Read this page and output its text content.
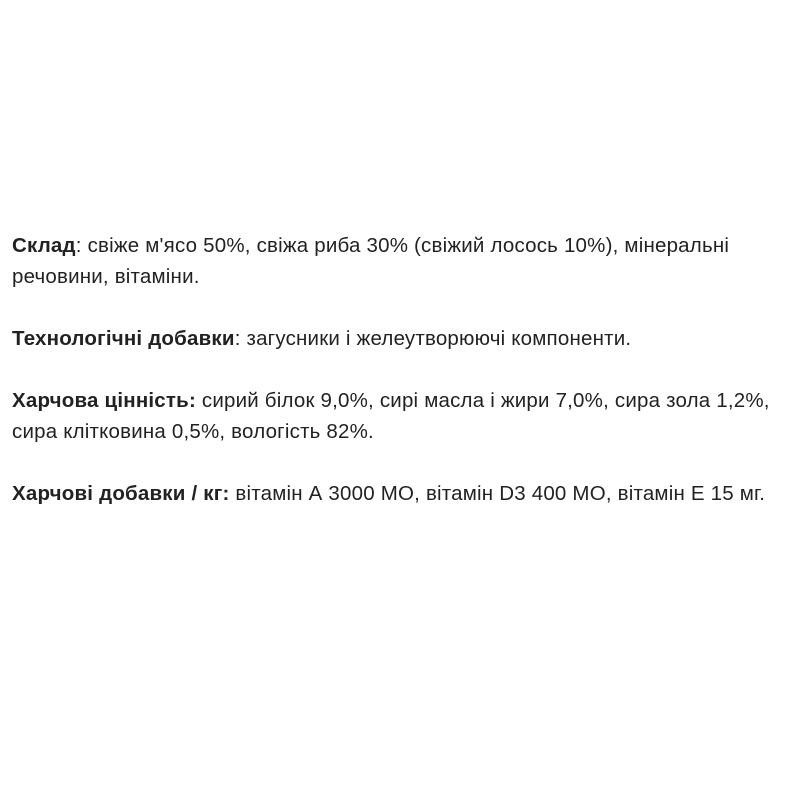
Склад: свіже м'ясо 50%, свіжа риба 30% (свіжий лосось 10%), мінеральні речовини, вітаміни.

Технологічні добавки: загусники і желеутворюючі компоненти.

Харчова цінність: сирий білок 9,0%, сирі масла і жири 7,0%, сира зола 1,2%, сира клітковина 0,5%, вологість 82%.

Харчові добавки / кг: вітамін А 3000 МО, вітамін D3 400 МО, вітамін Е 15 мг.
